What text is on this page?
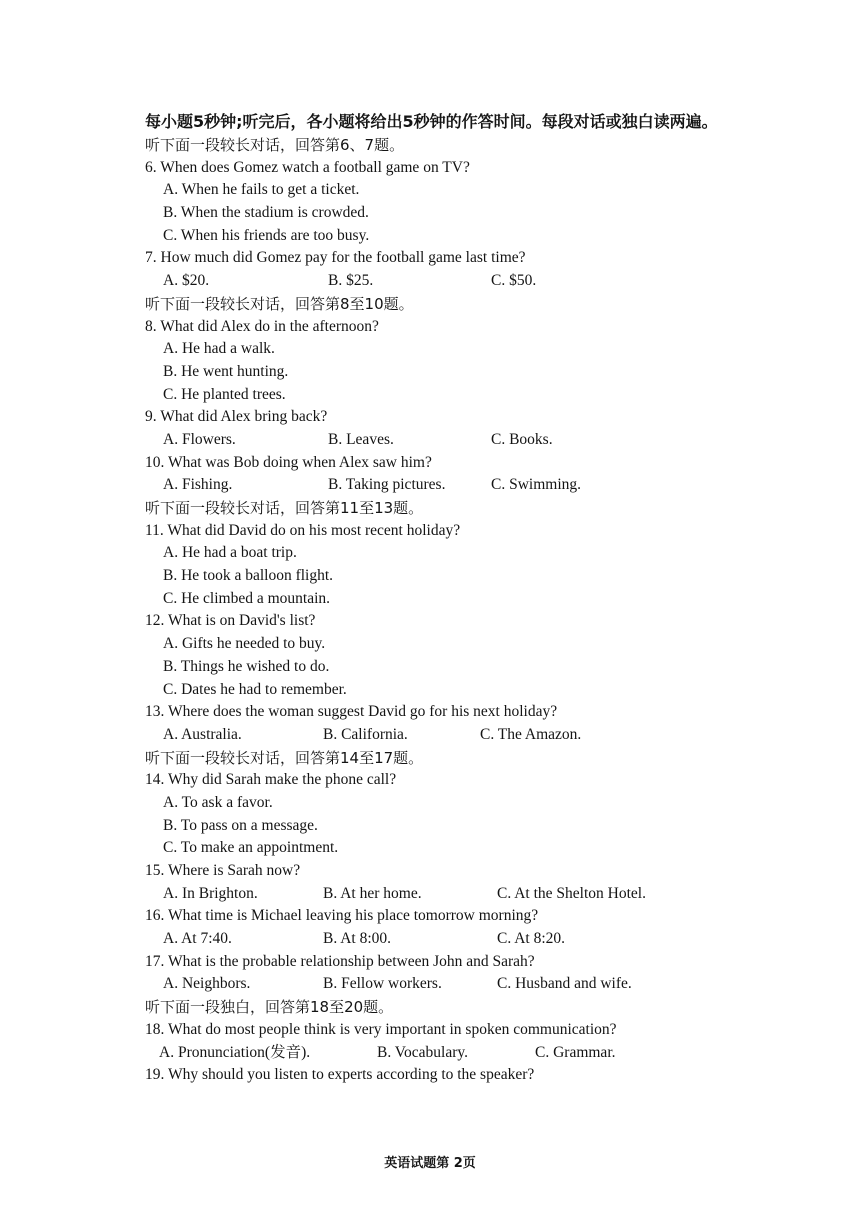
每小题5秒钟;听完后，各小题将给出5秒钟的作答时间。每段对话或独白读两遍。
听下面一段较长对话，回答第6、7题。
6. When does Gomez watch a football game on TV?
A. When he fails to get a ticket.
B. When the stadium is crowded.
C. When his friends are too busy.
7. How much did Gomez pay for the football game last time?
A. $20.	B. $25.	C. $50.
听下面一段较长对话，回答第8至10题。
8. What did Alex do in the afternoon?
A. He had a walk.
B. He went hunting.
C. He planted trees.
9. What did Alex bring back?
A. Flowers.	B. Leaves.	C. Books.
10. What was Bob doing when Alex saw him?
A. Fishing.	B. Taking pictures.	C. Swimming.
听下面一段较长对话，回答第11至13题。
11. What did David do on his most recent holiday?
A. He had a boat trip.
B. He took a balloon flight.
C. He climbed a mountain.
12. What is on David's list?
A. Gifts he needed to buy.
B. Things he wished to do.
C. Dates he had to remember.
13. Where does the woman suggest David go for his next holiday?
A. Australia.	B. California.	C. The Amazon.
听下面一段较长对话，回答第14至17题。
14. Why did Sarah make the phone call?
A. To ask a favor.
B. To pass on a message.
C. To make an appointment.
15. Where is Sarah now?
A. In Brighton.	B. At her home.	C. At the Shelton Hotel.
16. What time is Michael leaving his place tomorrow morning?
A. At 7:40.	B. At 8:00.	C. At 8:20.
17. What is the probable relationship between John and Sarah?
A. Neighbors.	B. Fellow workers.	C. Husband and wife.
听下面一段独白，回答第18至20题。
18. What do most people think is very important in spoken communication?
A. Pronunciation(发音).	B. Vocabulary.	C. Grammar.
19. Why should you listen to experts according to the speaker?
英语试题第 2页
